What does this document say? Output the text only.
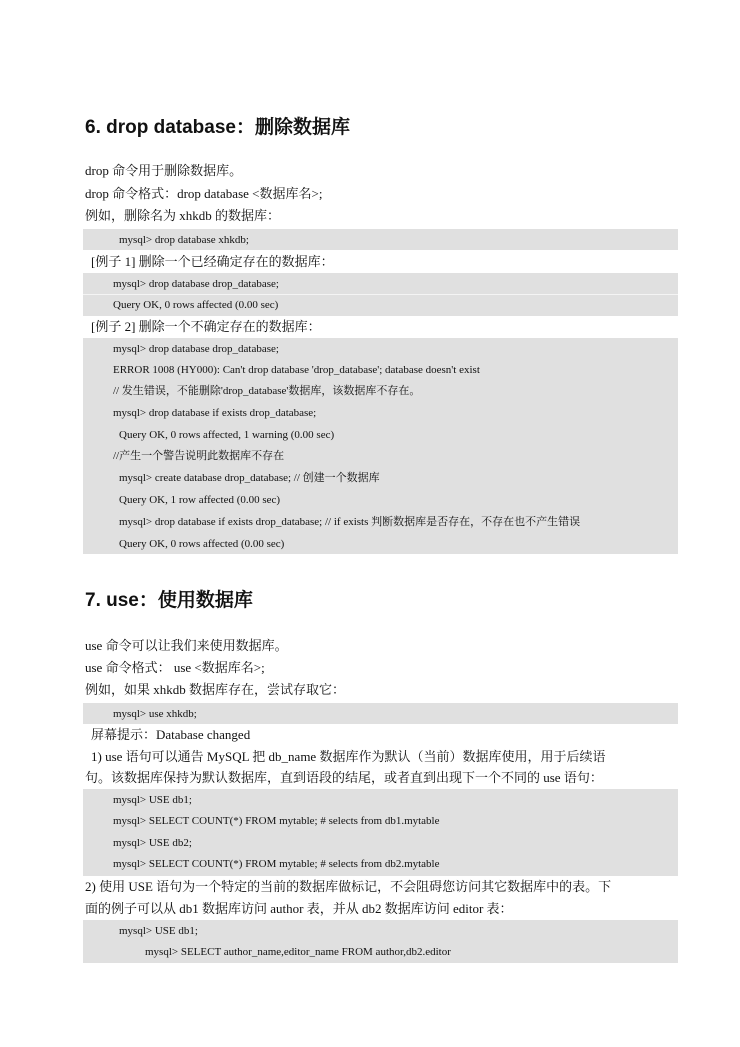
6. drop database：删除数据库
drop 命令用于删除数据库。
drop 命令格式：drop database <数据库名>;
例如，删除名为 xhkdb 的数据库：
mysql> drop database xhkdb;
[例子 1] 删除一个已经确定存在的数据库：
mysql> drop database drop_database;
Query OK, 0 rows affected (0.00 sec)
[例子 2] 删除一个不确定存在的数据库：
mysql> drop database drop_database;
ERROR 1008 (HY000): Can't drop database 'drop_database'; database doesn't exist
// 发生错误，不能删除'drop_database'数据库，该数据库不存在。
mysql> drop database if exists drop_database;
Query OK, 0 rows affected, 1 warning (0.00 sec)
//产生一个警告说明此数据库不存在
mysql> create database drop_database; // 创建一个数据库
Query OK, 1 row affected (0.00 sec)
mysql> drop database if exists drop_database; // if exists 判断数据库是否存在，不存在也不产生错误
Query OK, 0 rows affected (0.00 sec)
7. use：使用数据库
use 命令可以让我们来使用数据库。
use 命令格式： use <数据库名>;
例如，如果 xhkdb 数据库存在，尝试存取它：
mysql> use xhkdb;
屏幕提示：Database changed
1) use 语句可以通告 MySQL 把 db_name 数据库作为默认（当前）数据库使用，用于后续语
句。该数据库保持为默认数据库，直到语段的结尾，或者直到出现下一个不同的 use 语句：
mysql> USE db1;
mysql> SELECT COUNT(*) FROM mytable; # selects from db1.mytable
mysql> USE db2;
mysql> SELECT COUNT(*) FROM mytable; # selects from db2.mytable
2) 使用 USE 语句为一个特定的当前的数据库做标记，不会阻碍您访问其它数据库中的表。下
面的例子可以从 db1 数据库访问 author 表，并从 db2 数据库访问 editor 表：
mysql> USE db1;
mysql> SELECT author_name,editor_name FROM author,db2.editor
